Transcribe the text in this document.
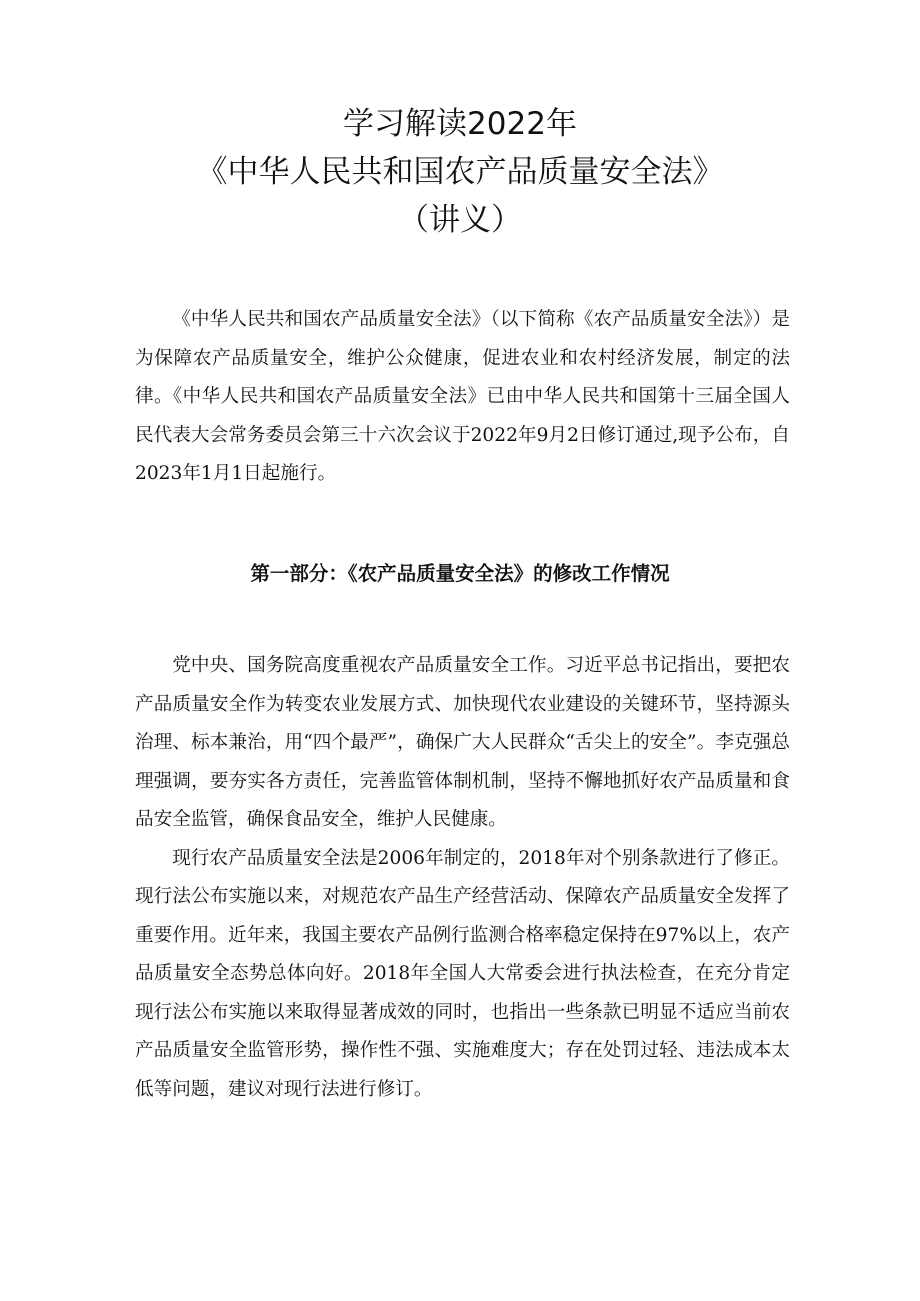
学习解读2022年
《中华人民共和国农产品质量安全法》
（讲义）

《中华人民共和国农产品质量安全法》（以下简称《农产品质量安全法》）是为保障农产品质量安全，维护公众健康，促进农业和农村经济发展，制定的法律。《中华人民共和国农产品质量安全法》已由中华人民共和国第十三届全国人民代表大会常务委员会第三十六次会议于2022年9月2日修订通过,现予公布，自2023年1月1日起施行。

第一部分：《农产品质量安全法》的修改工作情况

党中央、国务院高度重视农产品质量安全工作。习近平总书记指出，要把农产品质量安全作为转变农业发展方式、加快现代农业建设的关键环节，坚持源头治理、标本兼治，用“四个最严”，确保广大人民群众“舌尖上的安全”。李克强总理强调，要夯实各方责任，完善监管体制机制，坚持不懈地抓好农产品质量和食品安全监管，确保食品安全，维护人民健康。

现行农产品质量安全法是2006年制定的，2018年对个别条款进行了修正。现行法公布实施以来，对规范农产品生产经营活动、保障农产品质量安全发挥了重要作用。近年来，我国主要农产品例行监测合格率稳定保持在97%以上，农产品质量安全态势总体向好。2018年全国人大常委会进行执法检查，在充分肯定现行法公布实施以来取得显著成效的同时，也指出一些条款已明显不适应当前农产品质量安全监管形势，操作性不强、实施难度大；存在处罚过轻、违法成本太低等问题，建议对现行法进行修订。
